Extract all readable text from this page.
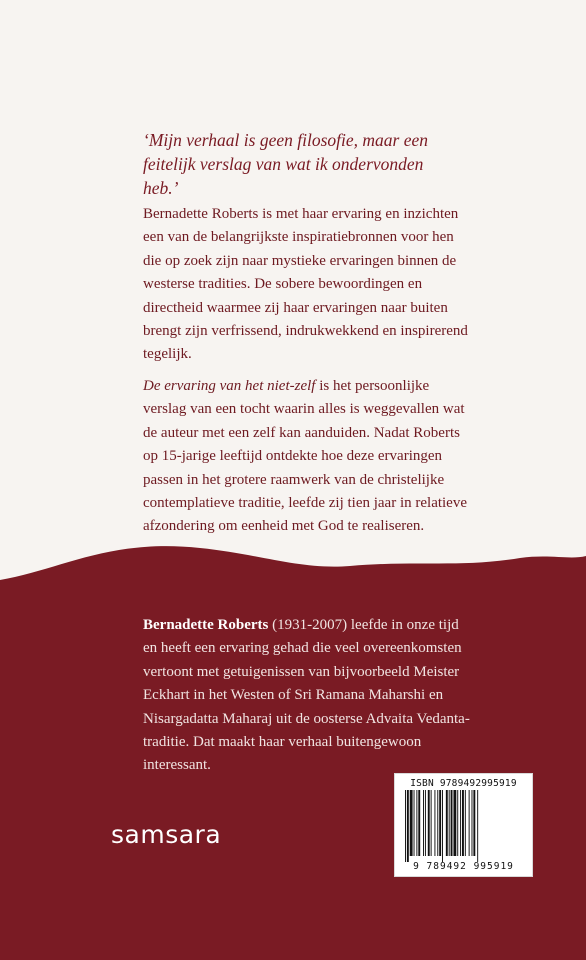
‘Mijn verhaal is geen filosofie, maar een feitelijk verslag van wat ik ondervonden heb.’

Bernadette Roberts is met haar ervaring en inzichten een van de belangrijkste inspiratiebronnen voor hen die op zoek zijn naar mystieke ervaringen binnen de westerse tradities. De sobere bewoordingen en directheid waarmee zij haar ervaringen naar buiten brengt zijn verfrissend, indrukwekkend en inspirerend tegelijk.

De ervaring van het niet-zelf is het persoonlijke verslag van een tocht waarin alles is weggevallen wat de auteur met een zelf kan aanduiden. Nadat Roberts op 15-jarige leeftijd ontdekte hoe deze ervaringen passen in het grotere raamwerk van de christelijke contemplatieve traditie, leefde zij tien jaar in relatieve afzondering om eenheid met God te realiseren.

Bernadette Roberts (1931-2007) leefde in onze tijd en heeft een ervaring gehad die veel overeenkomsten vertoont met getuigenissen van bijvoorbeeld Meister Eckhart in het Westen of Sri Ramana Maharshi en Nisargadatta Maharaj uit de oosterse Advaita Vedanta-traditie. Dat maakt haar verhaal buitengewoon interessant.

samsara
ISBN 9789492995919
9 789492 995919
